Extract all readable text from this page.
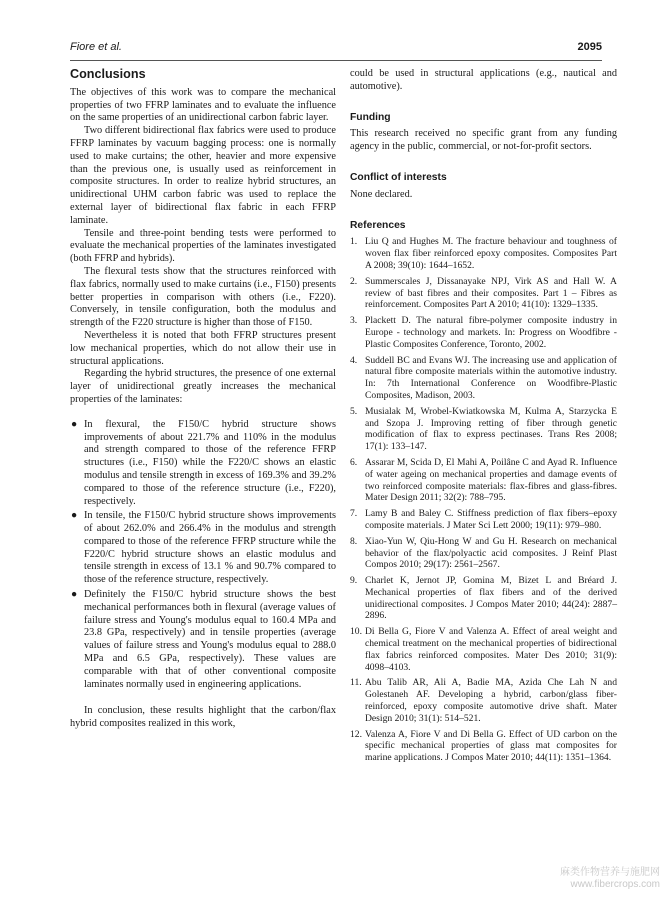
Fiore et al.	2095
Conclusions

The objectives of this work was to compare the mechanical properties of two FFRP laminates and to evaluate the influence on the same properties of an unidirectional carbon fabric layer.

Two different bidirectional flax fabrics were used to produce FFRP laminates by vacuum bagging process: one is normally used to make curtains; the other, heavier and more expensive than the previous one, is usually used as reinforcement in composite structures. In order to realize hybrid structures, an unidirectional UHM carbon fabric was used to replace the external layer of bidirectional flax fabric in each FFRP laminate.

Tensile and three-point bending tests were performed to evaluate the mechanical properties of the laminates investigated (both FFRP and hybrids).

The flexural tests show that the structures reinforced with flax fabrics, normally used to make curtains (i.e., F150) presents better properties in comparison with others (i.e., F220). Conversely, in tensile configuration, both the modulus and strength of the F220 structure is higher than those of F150.

Nevertheless it is noted that both FFRP structures present low mechanical properties, which do not allow their use in structural applications.

Regarding the hybrid structures, the presence of one external layer of unidirectional greatly increases the mechanical properties of the laminates:

● In flexural, the F150/C hybrid structure shows improvements of about 221.7% and 110% in the modulus and strength compared to those of the reference FFRP structures (i.e., F150) while the F220/C shows an elastic modulus and tensile strength in excess of 169.3% and 39.2% compared to those of the reference structure (i.e., F220), respectively.
● In tensile, the F150/C hybrid structure shows improvements of about 262.0% and 266.4% in the modulus and strength compared to those of the reference FFRP structure while the F220/C hybrid structure shows an elastic modulus and tensile strength in excess of 13.1 % and 90.7% compared to those of the reference structure, respectively.
● Definitely the F150/C hybrid structure shows the best mechanical performances both in flexural (average values of failure stress and Young's modulus equal to 160.4 MPa and 23.8 GPa, respectively) and in tensile properties (average values of failure stress and Young's modulus equal to 288.0 MPa and 6.5 GPa, respectively). These values are comparable with that of other conventional composite laminates normally used in engineering applications.

In conclusion, these results highlight that the carbon/flax hybrid composites realized in this work,

could be used in structural applications (e.g., nautical and automotive).

Funding

This research received no specific grant from any funding agency in the public, commercial, or not-for-profit sectors.

Conflict of interests

None declared.

References
1. Liu Q and Hughes M. The fracture behaviour and toughness of woven flax fiber reinforced epoxy composites. Composites Part A 2008; 39(10): 1644–1652.
2. Summerscales J, Dissanayake NPJ, Virk AS and Hall W. A review of bast fibres and their composites. Part 1 – Fibres as reinforcement. Composites Part A 2010; 41(10): 1329–1335.
3. Plackett D. The natural fibre-polymer composite industry in Europe - technology and markets. In: Progress on Woodfibre - Plastic Composites Conference, Toronto, 2002.
4. Suddell BC and Evans WJ. The increasing use and application of natural fibre composite materials within the automotive industry. In: 7th International Conference on Woodfibre-Plastic Composites, Madison, 2003.
5. Musialak M, Wrobel-Kwiatkowska M, Kulma A, Starzycka E and Szopa J. Improving retting of fiber through genetic modification of flax to express pectinases. Trans Res 2008; 17(1): 133–147.
6. Assarar M, Scida D, El Mahi A, Poilâne C and Ayad R. Influence of water ageing on mechanical properties and damage events of two reinforced composite materials: flax-fibres and glass-fibres. Mater Design 2011; 32(2): 788–795.
7. Lamy B and Baley C. Stiffness prediction of flax fibers–epoxy composite materials. J Mater Sci Lett 2000; 19(11): 979–980.
8. Xiao-Yun W, Qiu-Hong W and Gu H. Research on mechanical behavior of the flax/polyactic acid composites. J Reinf Plast Compos 2010; 29(17): 2561–2567.
9. Charlet K, Jernot JP, Gomina M, Bizet L and Bréard J. Mechanical properties of flax fibers and of the derived unidirectional composites. J Compos Mater 2010; 44(24): 2887–2896.
10. Di Bella G, Fiore V and Valenza A. Effect of areal weight and chemical treatment on the mechanical properties of bidirectional flax fabrics reinforced composites. Mater Des 2010; 31(9): 4098–4103.
11. Abu Talib AR, Ali A, Badie MA, Azida Che Lah N and Golestaneh AF. Developing a hybrid, carbon/glass fiber-reinforced, epoxy composite automotive drive shaft. Mater Design 2010; 31(1): 514–521.
12. Valenza A, Fiore V and Di Bella G. Effect of UD carbon on the specific mechanical properties of glass mat composites for marine applications. J Compos Mater 2010; 44(11): 1351–1364.
麻类作物营养与施肥网
www.fibercrops.com
